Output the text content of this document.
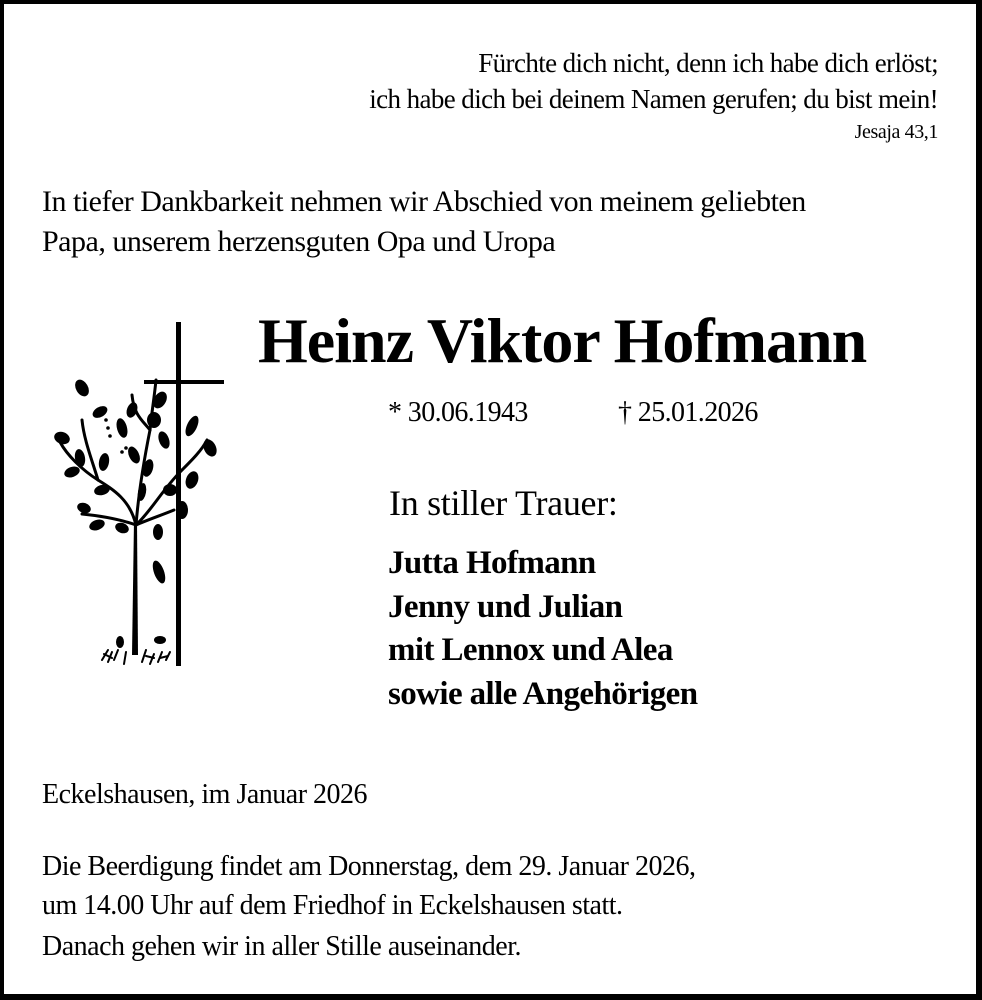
Fürchte dich nicht, denn ich habe dich erlöst;
ich habe dich bei deinem Namen gerufen; du bist mein!
Jesaja 43,1
In tiefer Dankbarkeit nehmen wir Abschied von meinem geliebten
Papa, unserem herzensguten Opa und Uropa
Heinz Viktor Hofmann
* 30.06.1943	† 25.01.2026
In stiller Trauer:
Jutta Hofmann
Jenny und Julian
mit Lennox und Alea
sowie alle Angehörigen
Eckelshausen, im Januar 2026
Die Beerdigung findet am Donnerstag, dem 29. Januar 2026,
um 14.00 Uhr auf dem Friedhof in Eckelshausen statt.
Danach gehen wir in aller Stille auseinander.
